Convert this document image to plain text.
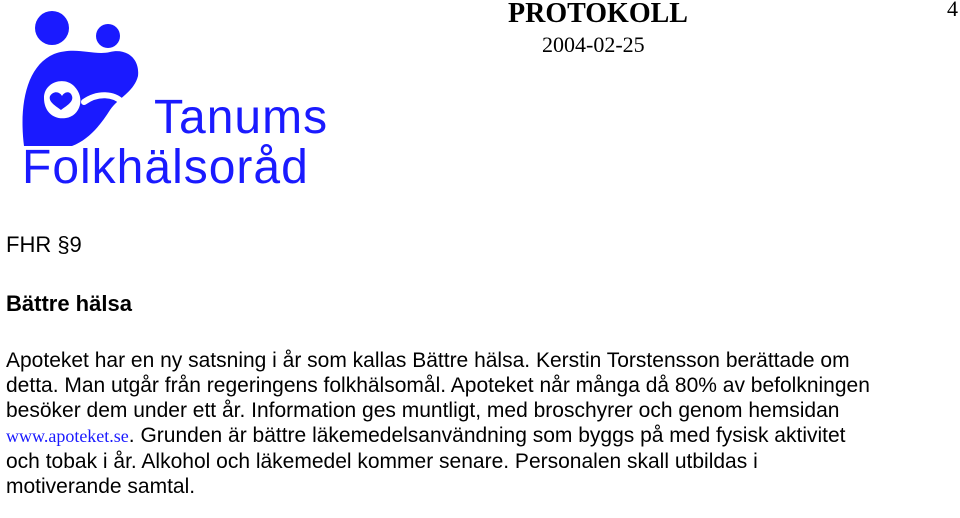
Tanums
Folkhälsoråd
PROTOKOLL
2004-02-25
4
FHR §9
Bättre hälsa
Apoteket har en ny satsning i år som kallas Bättre hälsa. Kerstin Torstensson berättade om
detta. Man utgår från regeringens folkhälsomål. Apoteket når många då 80% av befolkningen
besöker dem under ett år. Information ges muntligt, med broschyrer och genom hemsidan
www.apoteket.se. Grunden är bättre läkemedelsanvändning som byggs på med fysisk aktivitet
och tobak i år. Alkohol och läkemedel kommer senare. Personalen skall utbildas i
motiverande samtal.
